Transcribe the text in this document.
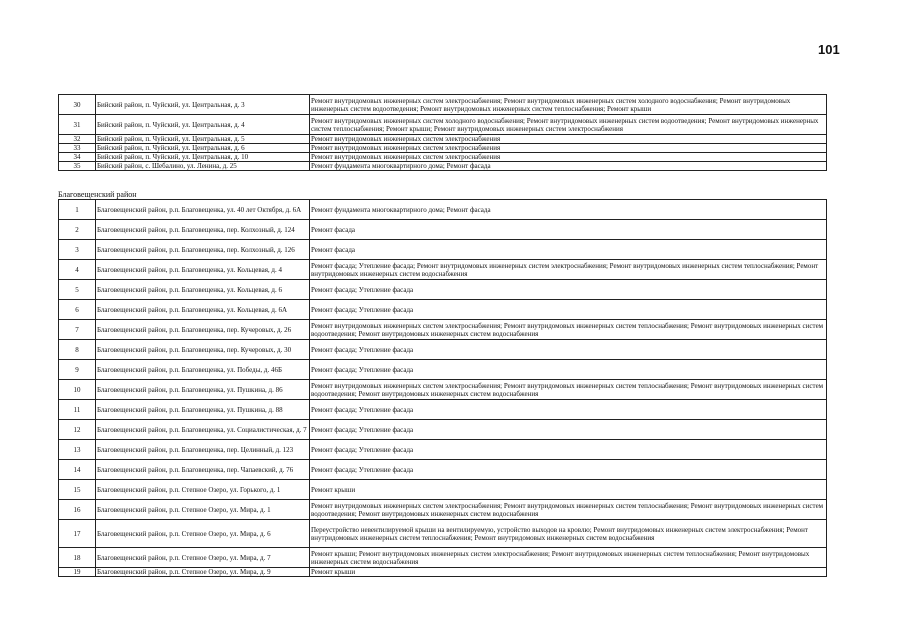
101
30	Бийский район, п. Чуйский, ул. Центральная, д. 3	Ремонт внутридомовых инженерных систем электроснабжения; Ремонт внутридомовых инженерных систем холодного водоснабжения; Ремонт внутридомовых инженерных систем водоотведения; Ремонт внутридомовых инженерных систем теплоснабжения; Ремонт крыши
31	Бийский район, п. Чуйский, ул. Центральная, д. 4	Ремонт внутридомовых инженерных систем холодного водоснабжения; Ремонт внутридомовых инженерных систем водоотведения; Ремонт внутридомовых инженерных систем теплоснабжения; Ремонт крыши; Ремонт внутридомовых инженерных систем электроснабжения
32	Бийский район, п. Чуйский, ул. Центральная, д. 5	Ремонт внутридомовых инженерных систем электроснабжения
33	Бийский район, п. Чуйский, ул. Центральная, д. 6	Ремонт внутридомовых инженерных систем электроснабжения
34	Бийский район, п. Чуйский, ул. Центральная, д. 10	Ремонт внутридомовых инженерных систем электроснабжения
35	Бийский район, с. Шебалино, ул. Ленина, д. 25	Ремонт фундамента многоквартирного дома; Ремонт фасада
Благовещенский район
1	Благовещенский район, р.п. Благовещенка, ул. 40 лет Октября, д. 6А	Ремонт фундамента многоквартирного дома; Ремонт фасада
2	Благовещенский район, р.п. Благовещенка, пер. Колхозный, д. 124	Ремонт фасада
3	Благовещенский район, р.п. Благовещенка, пер. Колхозный, д. 126	Ремонт фасада
4	Благовещенский район, р.п. Благовещенка, ул. Кольцевая, д. 4	Ремонт фасада; Утепление фасада; Ремонт внутридомовых инженерных систем электроснабжения; Ремонт внутридомовых инженерных систем теплоснабжения; Ремонт внутридомовых инженерных систем водоснабжения
5	Благовещенский район, р.п. Благовещенка, ул. Кольцевая, д. 6	Ремонт фасада; Утепление фасада
6	Благовещенский район, р.п. Благовещенка, ул. Кольцевая, д. 6А	Ремонт фасада; Утепление фасада
7	Благовещенский район, р.п. Благовещенка, пер. Кучеровых, д. 26	Ремонт внутридомовых инженерных систем электроснабжения; Ремонт внутридомовых инженерных систем теплоснабжения; Ремонт внутридомовых инженерных систем водоотведения; Ремонт внутридомовых инженерных систем водоснабжения
8	Благовещенский район, р.п. Благовещенка, пер. Кучеровых, д. 30	Ремонт фасада; Утепление фасада
9	Благовещенский район, р.п. Благовещенка, ул. Победы, д. 46Б	Ремонт фасада; Утепление фасада
10	Благовещенский район, р.п. Благовещенка, ул. Пушкина, д. 86	Ремонт внутридомовых инженерных систем электроснабжения; Ремонт внутридомовых инженерных систем теплоснабжения; Ремонт внутридомовых инженерных систем водоотведения; Ремонт внутридомовых инженерных систем водоснабжения
11	Благовещенский район, р.п. Благовещенка, ул. Пушкина, д. 88	Ремонт фасада; Утепление фасада
12	Благовещенский район, р.п. Благовещенка, ул. Социалистическая, д. 7	Ремонт фасада; Утепление фасада
13	Благовещенский район, р.п. Благовещенка, пер. Целинный, д. 123	Ремонт фасада; Утепление фасада
14	Благовещенский район, р.п. Благовещенка, пер. Чапаевский, д. 76	Ремонт фасада; Утепление фасада
15	Благовещенский район, р.п. Степное Озеро, ул. Горького, д. 1	Ремонт крыши
16	Благовещенский район, р.п. Степное Озеро, ул. Мира, д. 1	Ремонт внутридомовых инженерных систем электроснабжения; Ремонт внутридомовых инженерных систем теплоснабжения; Ремонт внутридомовых инженерных систем водоотведения; Ремонт внутридомовых инженерных систем водоснабжения
17	Благовещенский район, р.п. Степное Озеро, ул. Мира, д. 6	Переустройство невентилируемой крыши на вентилируемую, устройство выходов на кровлю; Ремонт внутридомовых инженерных систем электроснабжения; Ремонт внутридомовых инженерных систем теплоснабжения; Ремонт внутридомовых инженерных систем водоснабжения
18	Благовещенский район, р.п. Степное Озеро, ул. Мира, д. 7	Ремонт крыши; Ремонт внутридомовых инженерных систем электроснабжения; Ремонт внутридомовых инженерных систем теплоснабжения; Ремонт внутридомовых инженерных систем водоснабжения
19	Благовещенский район, р.п. Степное Озеро, ул. Мира, д. 9	Ремонт крыши
